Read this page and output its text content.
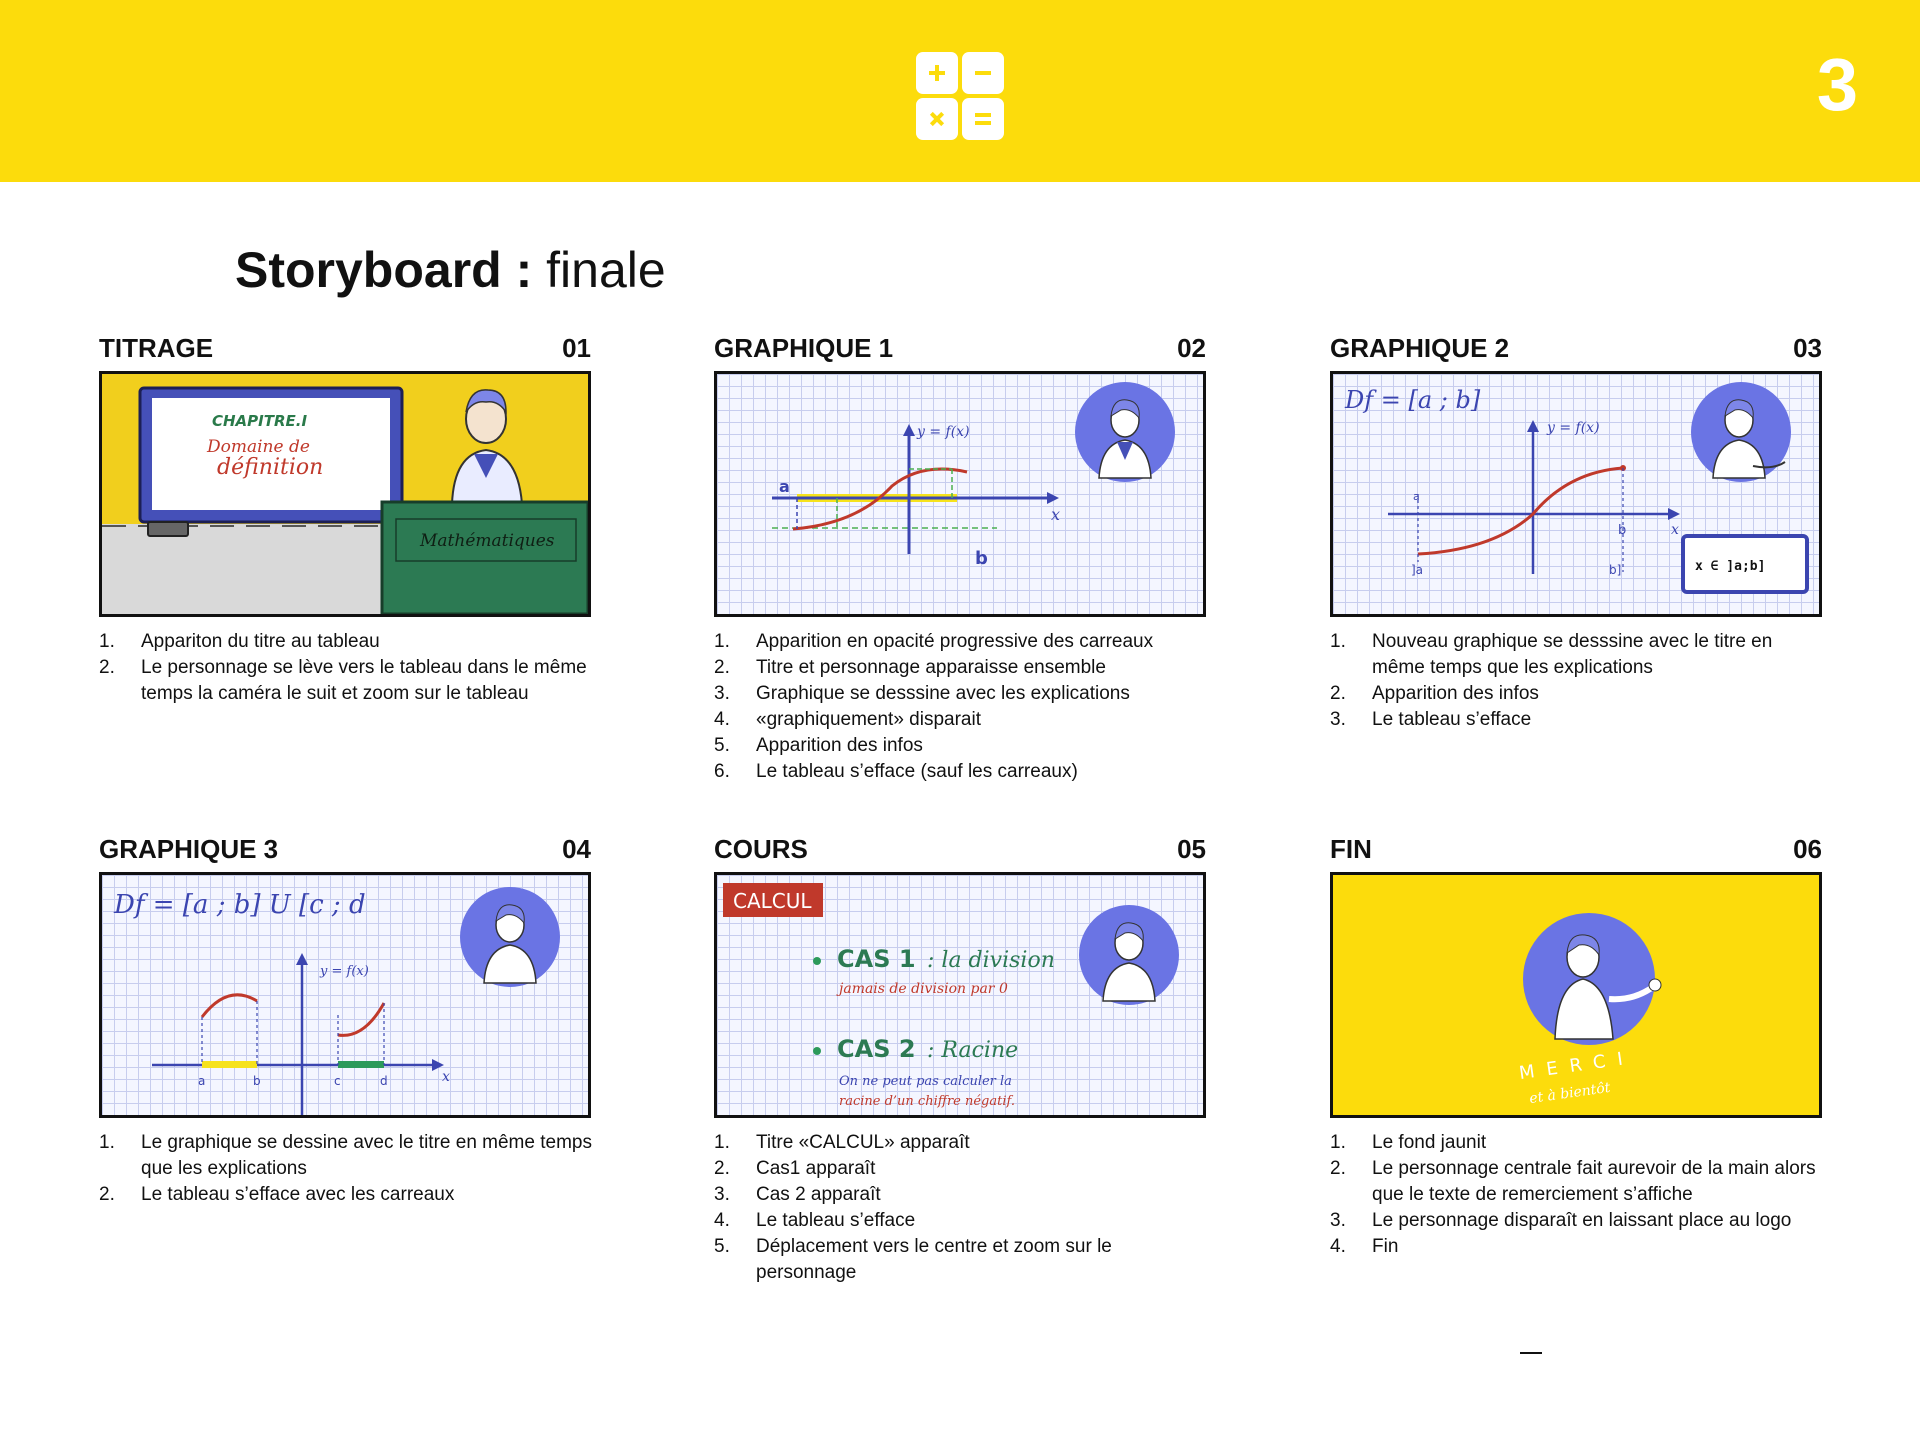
3
Storyboard : finale
TITRAGE	01
CHAPITRE.I
Domaine de
définition
Mathématiques
1.	Appariton du titre au tableau
2.	Le personnage se lève vers le tableau dans le même temps la caméra le suit et zoom sur le tableau
GRAPHIQUE 1	02
y = f(x)
a
b
x
1.	Apparition en opacité progressive des carreaux
2.	Titre et personnage apparaisse ensemble
3.	Graphique se desssine avec les explications
4.	«graphiquement» disparait
5.	Apparition des infos
6.	Le tableau s’efface (sauf les carreaux)
GRAPHIQUE 2	03
Df = [a ; b]
y = f(x)
a
b	x
]a	b]	x ∈ ]a;b]
1.	Nouveau graphique se desssine avec le titre en même temps que les explications
2.	Apparition des infos
3.	Le tableau s’efface
GRAPHIQUE 3	04
Df = [a ; b] U [c ; d
y = f(x)
a	b	c	d	x
1.	Le graphique se dessine avec le titre en même temps que les explications
2.	Le tableau s’efface avec les carreaux
COURS	05
CALCUL
CAS 1 : la division
jamais de division par 0
CAS 2 : Racine
On ne peut pas calculer la
racine d’un chiffre négatif.
1.	Titre «CALCUL» apparaît
2.	Cas1 apparaît
3.	Cas 2 apparaît
4.	Le tableau s’efface
5.	Déplacement vers le centre et zoom sur le personnage
FIN	06
MERCI
et à bientôt
1.	Le fond jaunit
2.	Le personnage centrale fait aurevoir de la main alors que le texte de remerciement s’affiche
3.	Le personnage disparaît en laissant place au logo
4.	Fin
